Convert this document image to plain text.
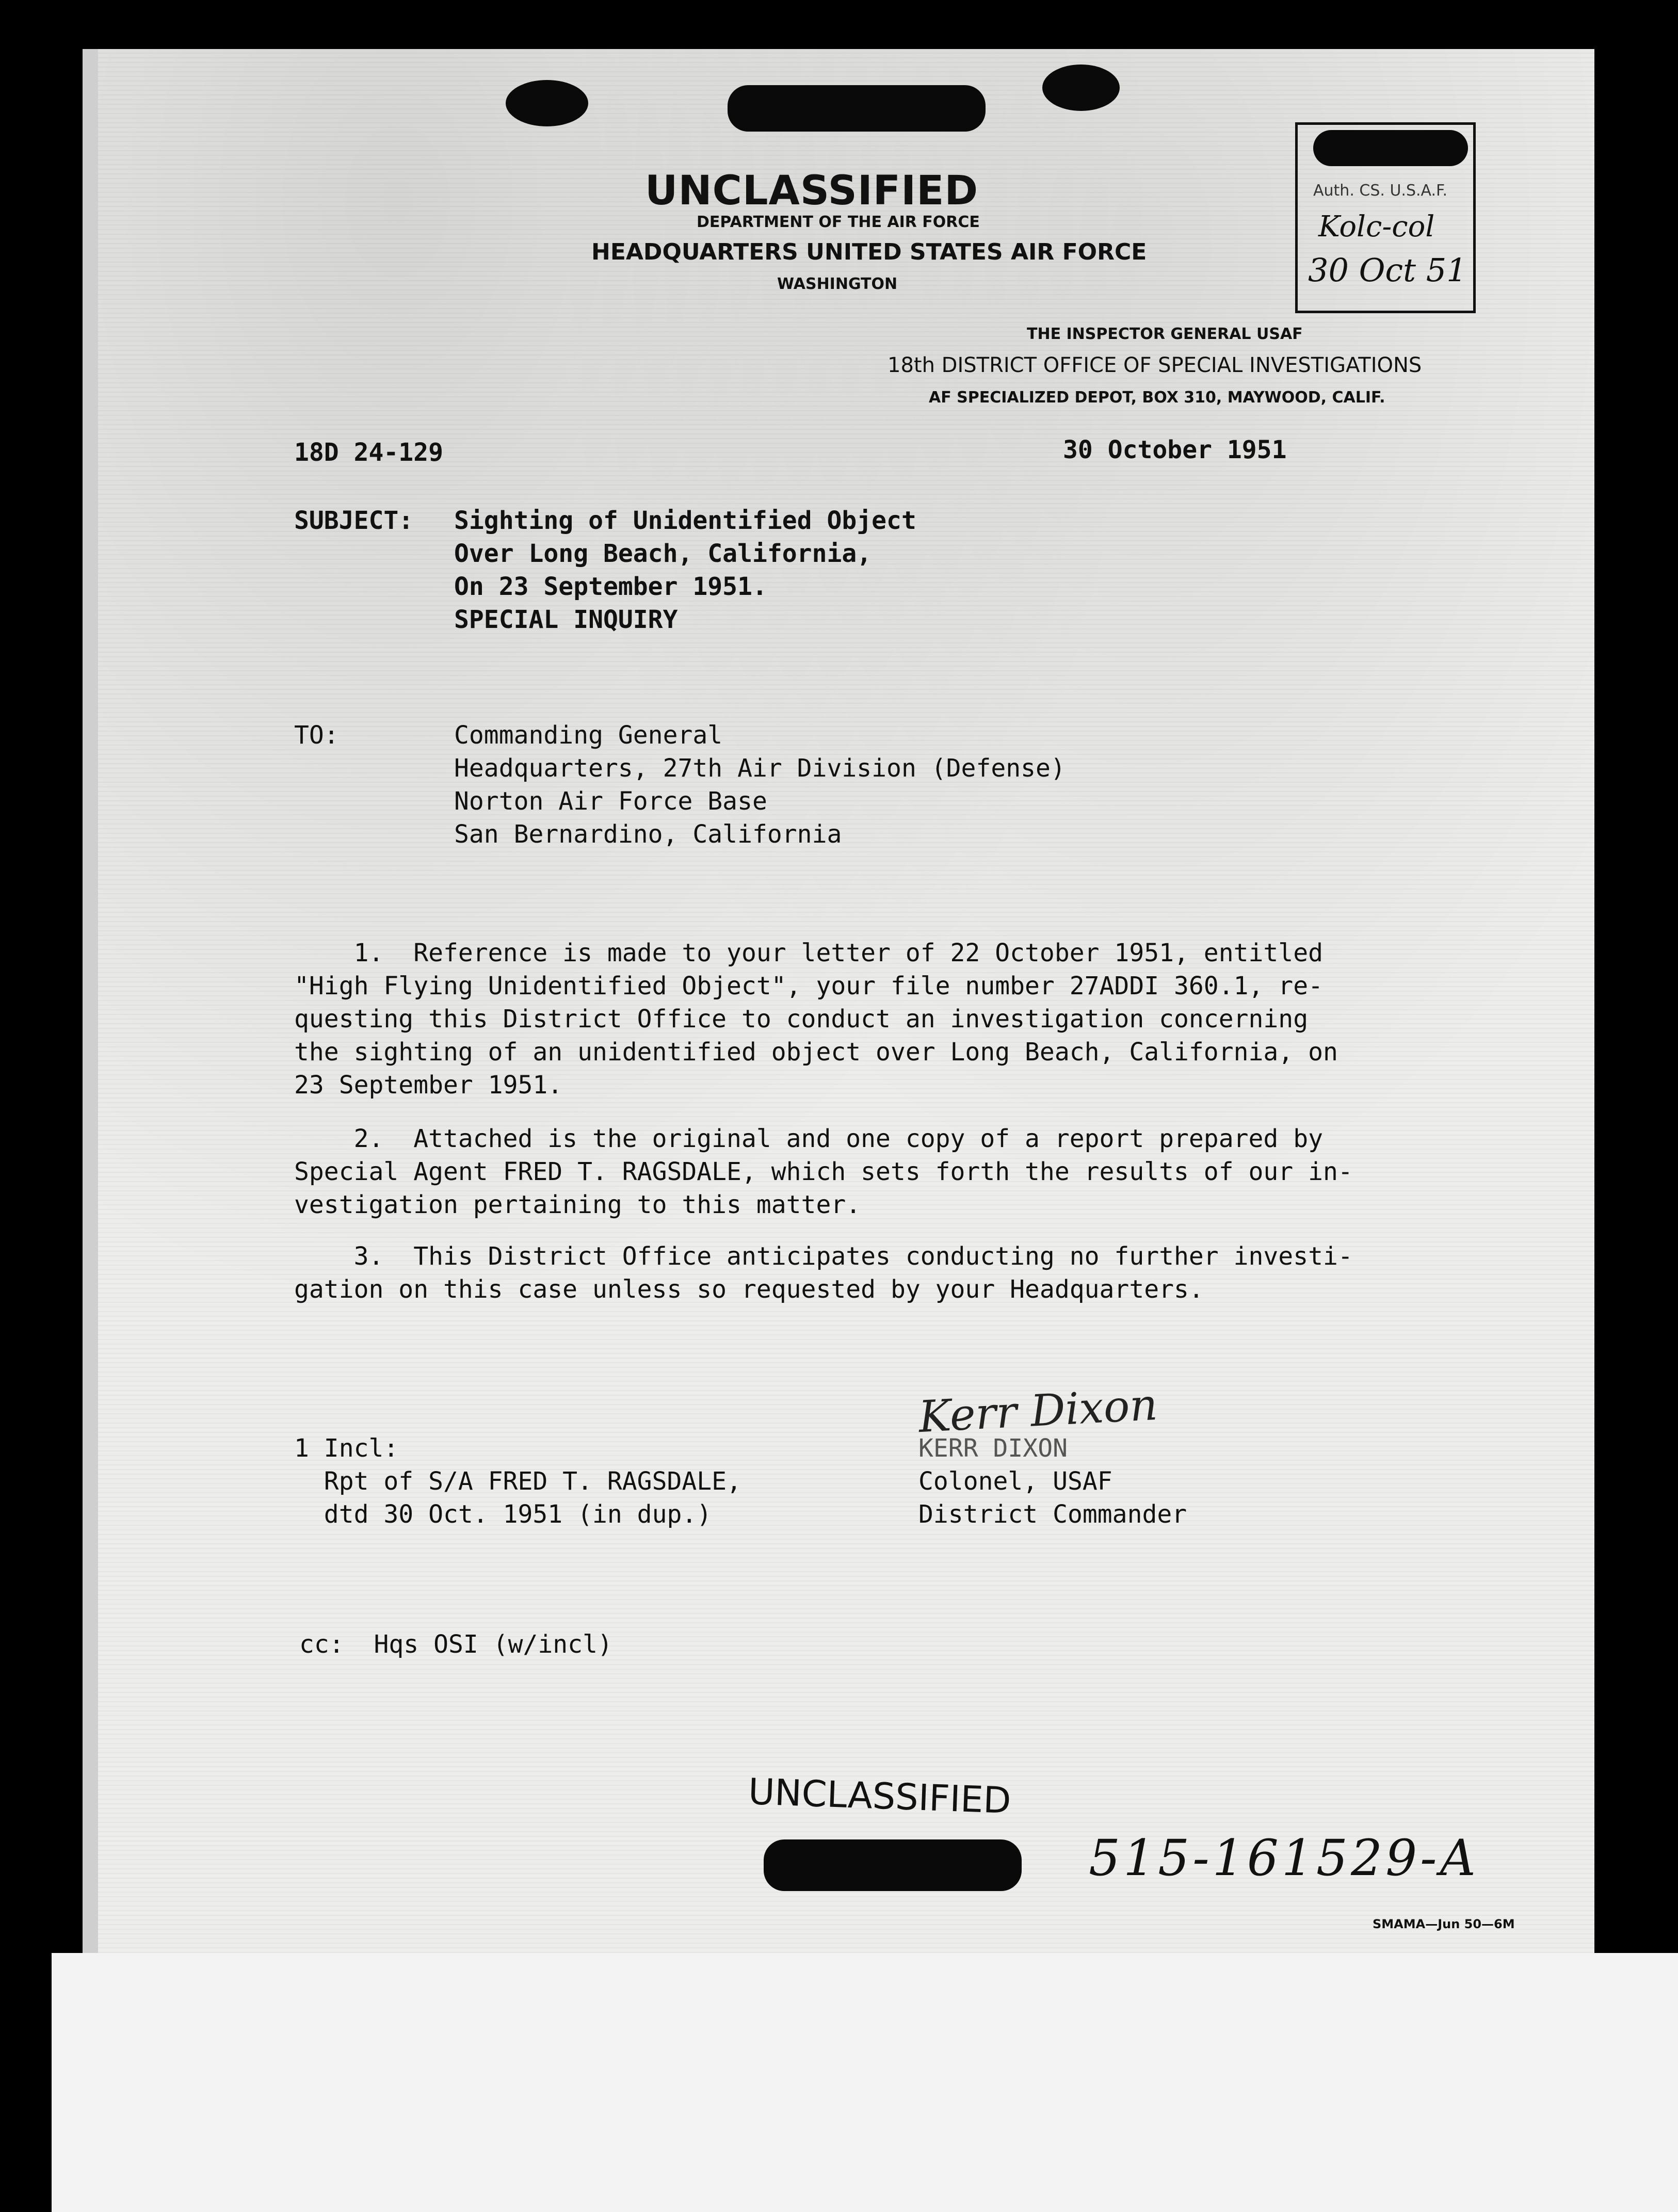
UNCLASSIFIED
DEPARTMENT OF THE AIR FORCE
HEADQUARTERS UNITED STATES AIR FORCE
WASHINGTON
Auth. CS. U.S.A.F.
Kolc-col
30 Oct 51
THE INSPECTOR GENERAL USAF
18th DISTRICT OFFICE OF SPECIAL INVESTIGATIONS
AF SPECIALIZED DEPOT, BOX 310, MAYWOOD, CALIF.
18D 24-129	30 October 1951
SUBJECT: Sighting of Unidentified Object
Over Long Beach, California,
On 23 September 1951.
SPECIAL INQUIRY
TO:	Commanding General
Headquarters, 27th Air Division (Defense)
Norton Air Force Base
San Bernardino, California
1.  Reference is made to your letter of 22 October 1951, entitled
"High Flying Unidentified Object", your file number 27ADDI 360.1, re-
questing this District Office to conduct an investigation concerning
the sighting of an unidentified object over Long Beach, California, on
23 September 1951.
2.  Attached is the original and one copy of a report prepared by
Special Agent FRED T. RAGSDALE, which sets forth the results of our in-
vestigation pertaining to this matter.
3.  This District Office anticipates conducting no further investi-
gation on this case unless so requested by your Headquarters.
1 Incl:
Rpt of S/A FRED T. RAGSDALE,
dtd 30 Oct. 1951 (in dup.)
Kerr Dixon
KERR DIXON
Colonel, USAF
District Commander
cc:  Hqs OSI (w/incl)
UNCLASSIFIED
515-161529-A
SMAMA—Jun 50—6M
